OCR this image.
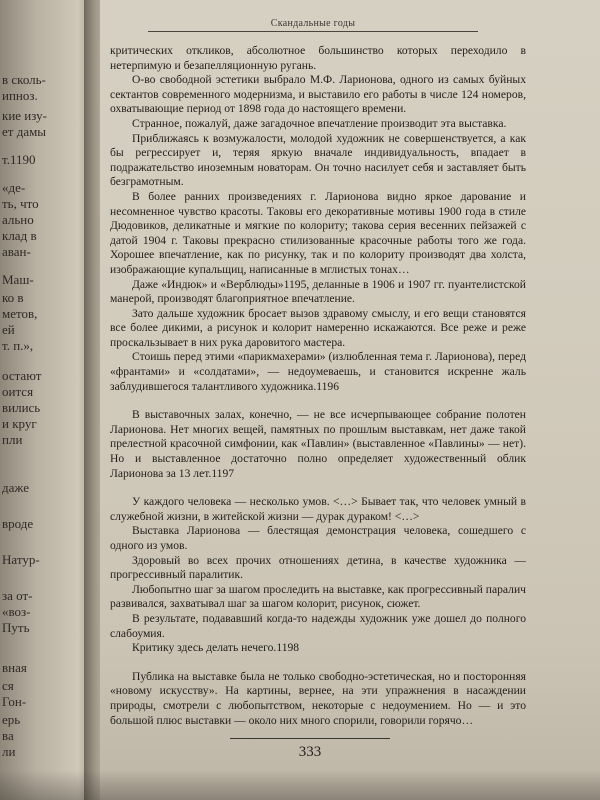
в сколь-
ипноз.
кие изу-
ет дамы
т.1190
«де-
ть, что
ально
клад в
аван-
Маш-
ко в
метов,
ей
т. п.»,
остают
оится
вились
и круг
пли
даже
вроде
Натур-
за от-
«воз-
Путь
вная
ся
Гон-
ерь
ва
ли
Скандальные годы

критических откликов, абсолютное большинство которых переходило в нетерпимую и безапелляционную ругань.

О-во свободной эстетики выбрало М.Ф. Ларионова, одного из самых буйных сектантов современного модернизма, и выставило его работы в числе 124 номеров, охватывающие период от 1898 года до настоящего времени.

Странное, пожалуй, даже загадочное впечатление производит эта выставка.

Приближаясь к возмужалости, молодой художник не совершенствуется, а как бы регрессирует и, теряя яркую вначале индивидуальность, впадает в подражательство иноземным новаторам. Он точно насилует себя и заставляет быть безграмотным.

В более ранних произведениях г. Ларионова видно яркое дарование и несомненное чувство красоты. Таковы его декоративные мотивы 1900 года в стиле Дюдовиков, деликатные и мягкие по колориту; такова серия весенних пейзажей с датой 1904 г. Таковы прекрасно стилизованные красочные работы того же года. Хорошее впечатление, как по рисунку, так и по колориту производят два холста, изображающие купальщиц, написанные в мглистых тонах…

Даже «Индюк» и «Верблюды»1195, деланные в 1906 и 1907 гг. пуантелистской манерой, производят благоприятное впечатление.

Зато дальше художник бросает вызов здравому смыслу, и его вещи становятся все более дикими, а рисунок и колорит намеренно искажаются. Все реже и реже проскальзывает в них рука даровитого мастера.

Стоишь перед этими «парикмахерами» (излюбленная тема г. Ларионова), перед «франтами» и «солдатами», — недоумеваешь, и становится искренне жаль заблудившегося талантливого художника.1196

В выставочных залах, конечно, — не все исчерпывающее собрание полотен Ларионова. Нет многих вещей, памятных по прошлым выставкам, нет даже такой прелестной красочной симфонии, как «Павлин» (выставленное «Павлины» — нет). Но и выставленное достаточно полно определяет художественный облик Ларионова за 13 лет.1197

У каждого человека — несколько умов. <…> Бывает так, что человек умный в служебной жизни, в житейской жизни — дурак дураком! <…>

Выставка Ларионова — блестящая демонстрация человека, сошедшего с одного из умов.

Здоровый во всех прочих отношениях детина, в качестве художника — прогрессивный паралитик.

Любопытно шаг за шагом проследить на выставке, как прогрессивный паралич развивался, захватывал шаг за шагом колорит, рисунок, сюжет.

В результате, подававший когда-то надежды художник уже дошел до полного слабоумия.

Критику здесь делать нечего.1198

Публика на выставке была не только свободно-эстетическая, но и посторонняя «новому искусству». На картины, вернее, на эти упражнения в насаждении природы, смотрели с любопытством, некоторые с недоумением. Но — и это большой плюс выставки — около них много спорили, говорили горячо…

333
